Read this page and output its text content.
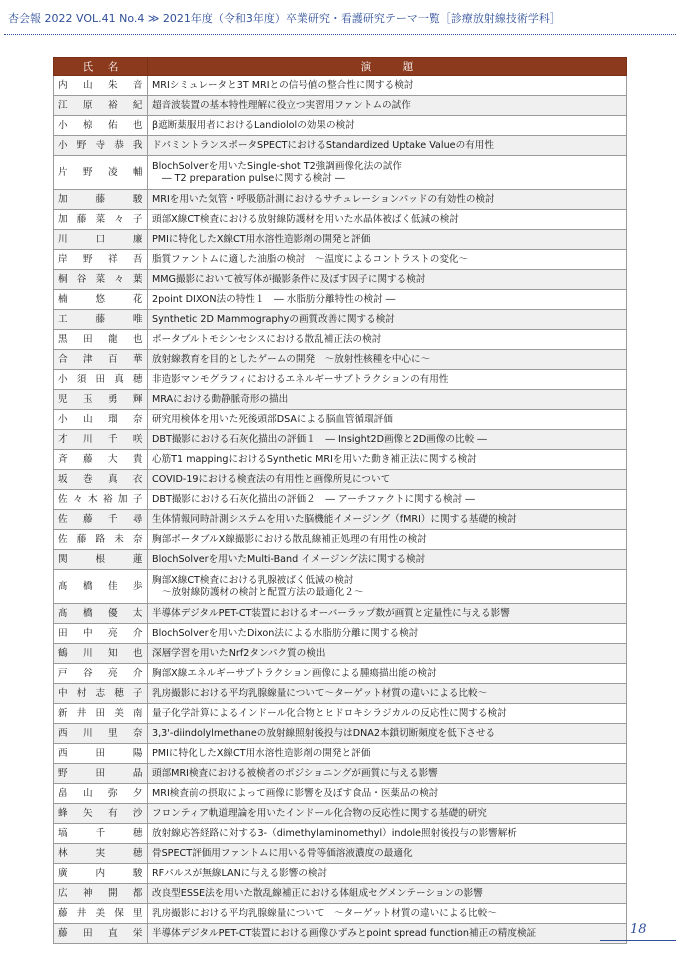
杏会報 2022 VOL.41 No.4 ≫ 2021年度（令和3年度）卒業研究・看護研究テーマ一覧［診療放射線技術学科］
氏名	演題
内山朱音	MRIシミュレータと3T MRIとの信号値の整合性に関する検討

江原裕紀	超音波装置の基本特性理解に役立つ実習用ファントムの試作

小椋佑也	β遮断薬服用者におけるLandiololの効果の検討

小野寺恭我	ドパミントランスポータSPECTにおけるStandardized Uptake Valueの有用性

片野凌輔	BlochSolverを用いたSingle-shot T2強調画像化法の試作
― T2 preparation pulseに関する検討 ―

加藤駿	MRIを用いた気管・呼吸筋計測におけるサチュレーションパッドの有効性の検討

加藤菜々子	頭部X線CT検査における放射線防護材を用いた水晶体被ばく低減の検討

川口廉	PMIに特化したX線CT用水溶性造影剤の開発と評価

岸野祥吾	脂質ファントムに適した油脂の検討　～温度によるコントラストの変化～

桐谷菜々葉	MMG撮影において被写体が撮影条件に及ぼす因子に関する検討

楠悠花	2point DIXON法の特性１　― 水脂肪分離特性の検討 ―

工藤唯	Synthetic 2D Mammographyの画質改善に関する検討

黒田龍也	ポータブルトモシンセシスにおける散乱補正法の検討

合津百華	放射線教育を目的としたゲームの開発　～放射性核種を中心に～

小須田真穂	非造影マンモグラフィにおけるエネルギーサブトラクションの有用性

児玉勇輝	MRAにおける動静脈奇形の描出

小山瑠奈	研究用検体を用いた死後頭部DSAによる脳血管循環評価

才川千咲	DBT撮影における石灰化描出の評価１　― Insight2D画像と2D画像の比較 ―

斉藤大貴	心筋T1 mappingにおけるSynthetic MRIを用いた動き補正法に関する検討

坂巻真衣	COVID-19における検査法の有用性と画像所見について

佐々木裕加子	DBT撮影における石灰化描出の評価２　― アーチファクトに関する検討 ―

佐藤千尋	生体情報同時計測システムを用いた脳機能イメージング（fMRI）に関する基礎的検討

佐藤路未奈	胸部ポータブルX線撮影における散乱線補正処理の有用性の検討

関根蓮	BlochSolverを用いたMulti-Band イメージング法に関する検討

髙橋佳歩	胸部X線CT検査における乳腺被ばく低減の検討
～放射線防護材の検討と配置方法の最適化２～

髙橋優太	半導体デジタルPET-CT装置におけるオーバーラップ数が画質と定量性に与える影響

田中亮介	BlochSolverを用いたDixon法による水脂肪分離に関する検討

鶴川知也	深層学習を用いたNrf2タンパク質の検出

戸谷亮介	胸部X線エネルギーサブトラクション画像による腫瘍描出能の検討

中村志穂子	乳房撮影における平均乳腺線量について～ターゲット材質の違いによる比較～

新井田美南	量子化学計算によるインドール化合物とヒドロキシラジカルの反応性に関する検討

西川里奈	3,3'-diindolylmethaneの放射線照射後投与はDNA2本鎖切断頻度を低下させる

西田陽	PMIに特化したX線CT用水溶性造影剤の開発と評価

野田晶	頭部MRI検査における被検者のポジショニングが画質に与える影響

畠山弥夕	MRI検査前の摂取によって画像に影響を及ぼす食品・医薬品の検討

蜂矢有沙	フロンティア軌道理論を用いたインドール化合物の反応性に関する基礎的研究

塙千穂	放射線応答経路に対する3-（dimethylaminomethyl）indole照射後投与の影響解析

林実穂	骨SPECT評価用ファントムに用いる骨等価溶液濃度の最適化

廣内駿	RFパルスが無線LANに与える影響の検討

広神開都	改良型ESSE法を用いた散乱線補正における体組成セグメンテーションの影響

藤井美保里	乳房撮影における平均乳腺線量について　～ターゲット材質の違いによる比較～

藤田直栄	半導体デジタルPET-CT装置における画像ひずみとpoint spread function補正の精度検証	18
